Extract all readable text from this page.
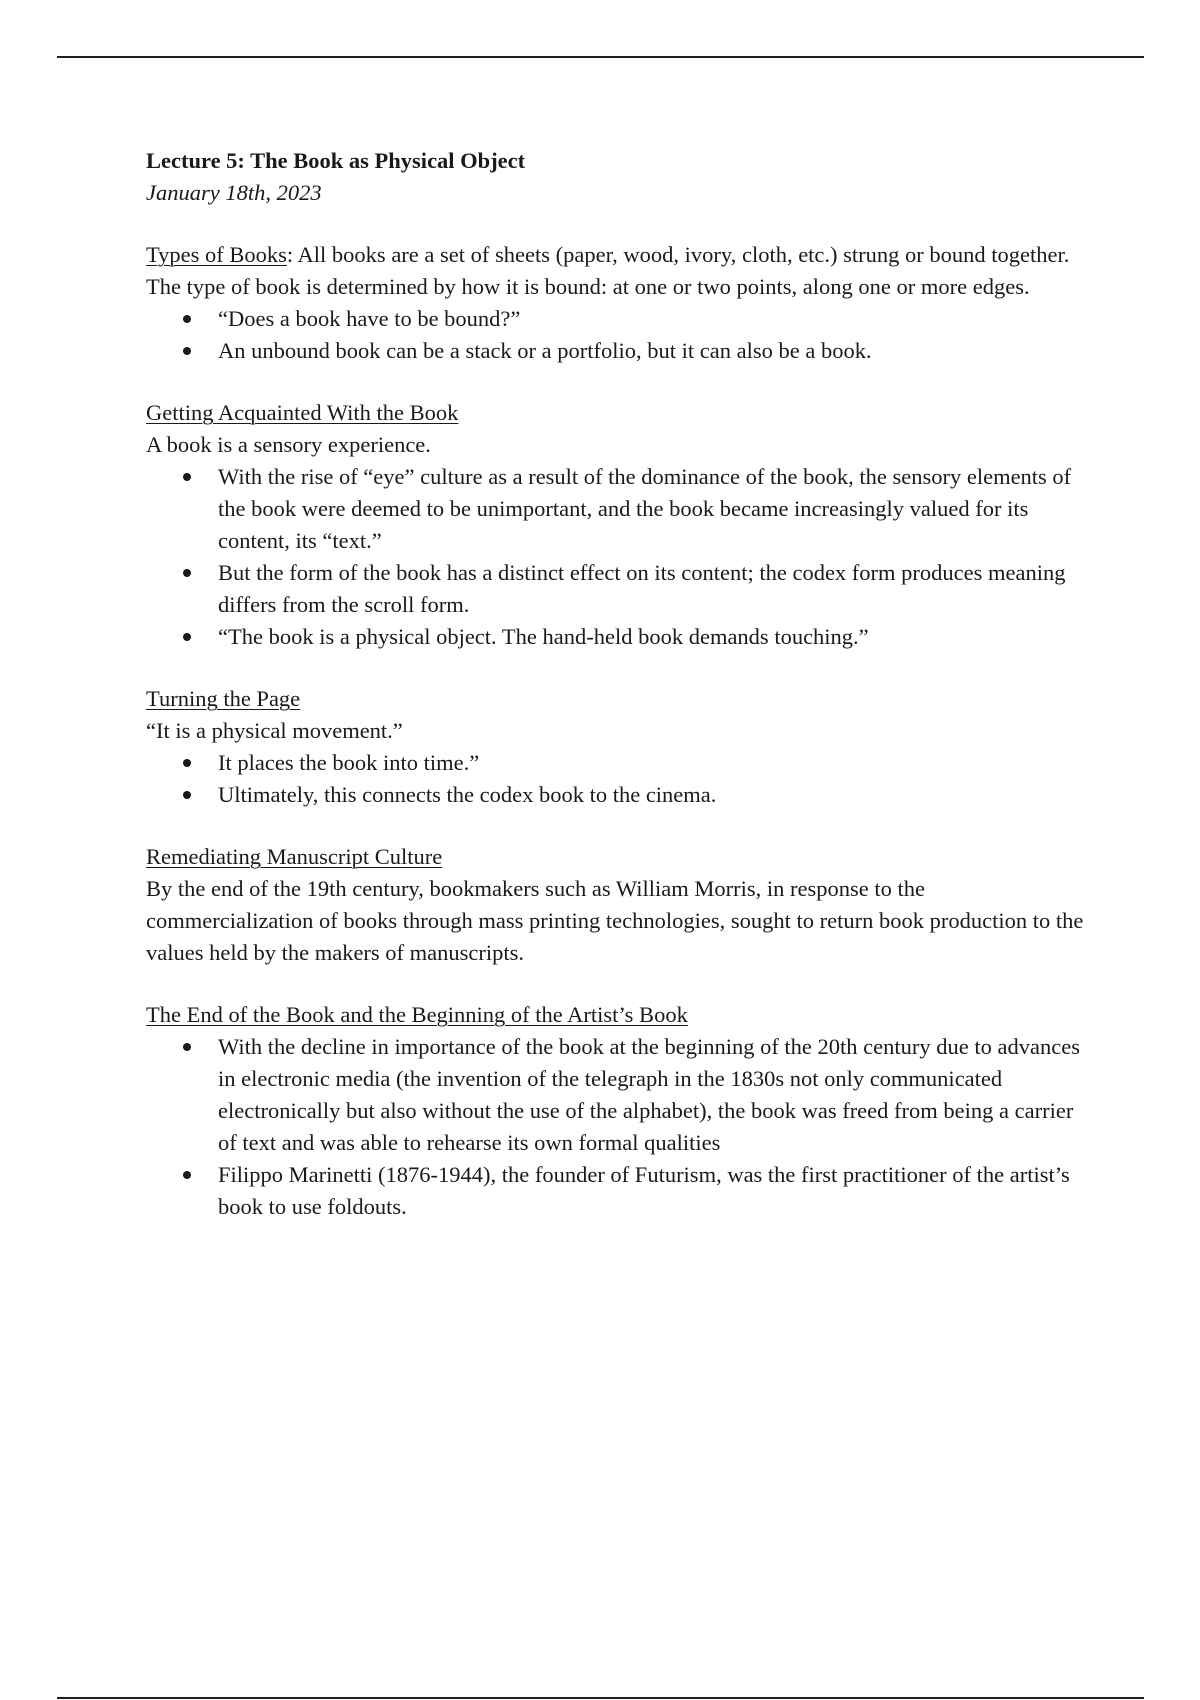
Lecture 5: The Book as Physical Object

January 18th, 2023

Types of Books: All books are a set of sheets (paper, wood, ivory, cloth, etc.) strung or bound together. The type of book is determined by how it is bound: at one or two points, along one or more edges.

“Does a book have to be bound?”
An unbound book can be a stack or a portfolio, but it can also be a book.

Getting Acquainted With the Book

A book is a sensory experience.

With the rise of “eye” culture as a result of the dominance of the book, the sensory elements of the book were deemed to be unimportant, and the book became increasingly valued for its content, its “text.”
But the form of the book has a distinct effect on its content; the codex form produces meaning differs from the scroll form.
“The book is a physical object. The hand-held book demands touching.”

Turning the Page

“It is a physical movement.”

It places the book into time.”
Ultimately, this connects the codex book to the cinema.

Remediating Manuscript Culture

By the end of the 19th century, bookmakers such as William Morris, in response to the commercialization of books through mass printing technologies, sought to return book production to the values held by the makers of manuscripts.

The End of the Book and the Beginning of the Artist’s Book

With the decline in importance of the book at the beginning of the 20th century due to advances in electronic media (the invention of the telegraph in the 1830s not only communicated electronically but also without the use of the alphabet), the book was freed from being a carrier of text and was able to rehearse its own formal qualities
Filippo Marinetti (1876-1944), the founder of Futurism, was the first practitioner of the artist’s book to use foldouts.
